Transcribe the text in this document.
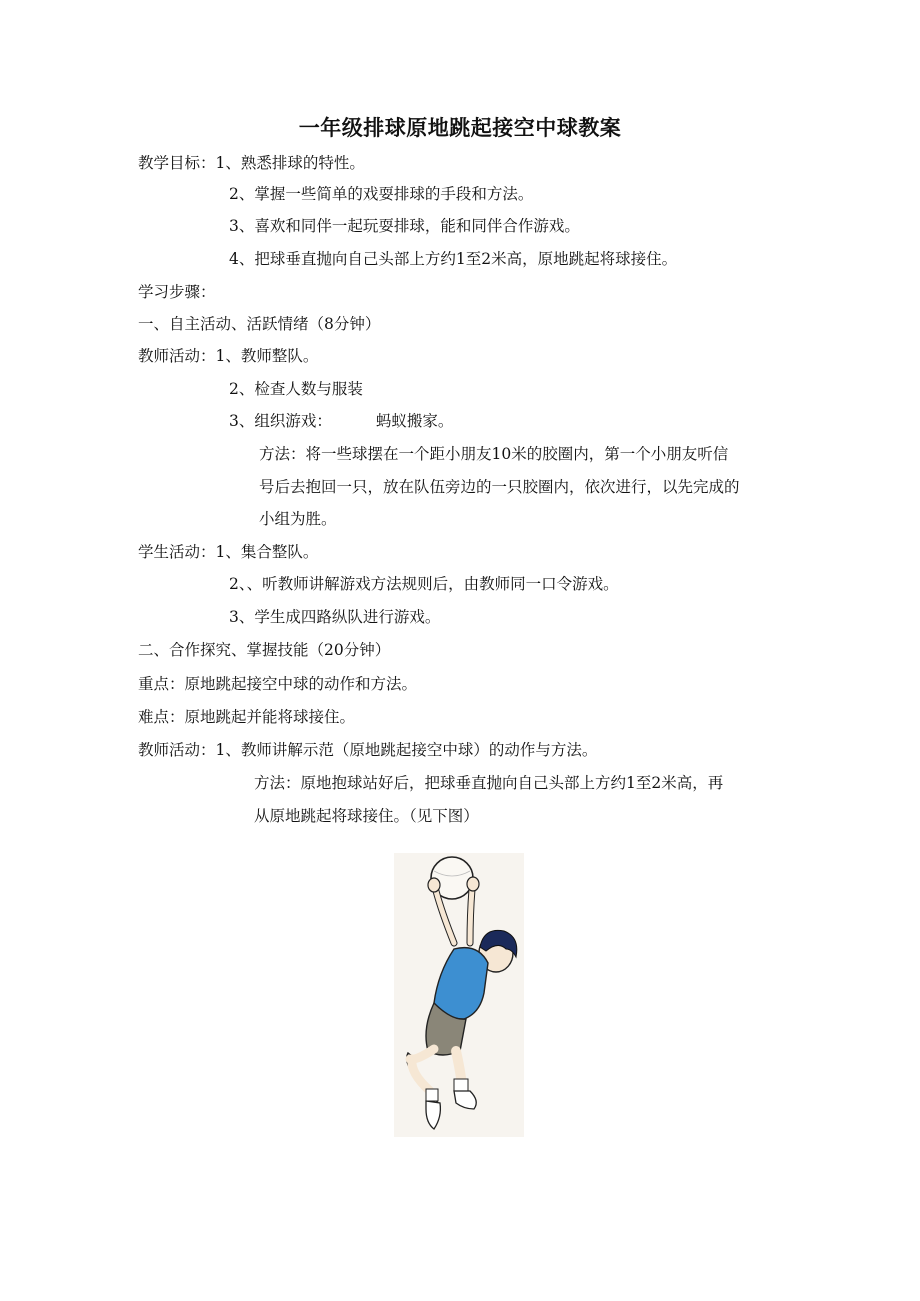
一年级排球原地跳起接空中球教案
教学目标：1、熟悉排球的特性。
2、掌握一些简单的戏耍排球的手段和方法。
3、喜欢和同伴一起玩耍排球，能和同伴合作游戏。
4、把球垂直抛向自己头部上方约1至2米高，原地跳起将球接住。
学习步骤：
一、自主活动、活跃情绪（8分钟）
教师活动：1、教师整队。
2、检查人数与服装
3、组织游戏：	蚂蚁搬家。
方法：将一些球摆在一个距小朋友10米的胶圈内，第一个小朋友听信
号后去抱回一只，放在队伍旁边的一只胶圈内，依次进行，以先完成的
小组为胜。
学生活动：1、集合整队。
2、、听教师讲解游戏方法规则后，由教师同一口令游戏。
3、学生成四路纵队进行游戏。
二、合作探究、掌握技能（20分钟）
重点：原地跳起接空中球的动作和方法。
难点：原地跳起并能将球接住。
教师活动：1、教师讲解示范（原地跳起接空中球）的动作与方法。
方法：原地抱球站好后，把球垂直抛向自己头部上方约1至2米高，再
从原地跳起将球接住。（见下图）
